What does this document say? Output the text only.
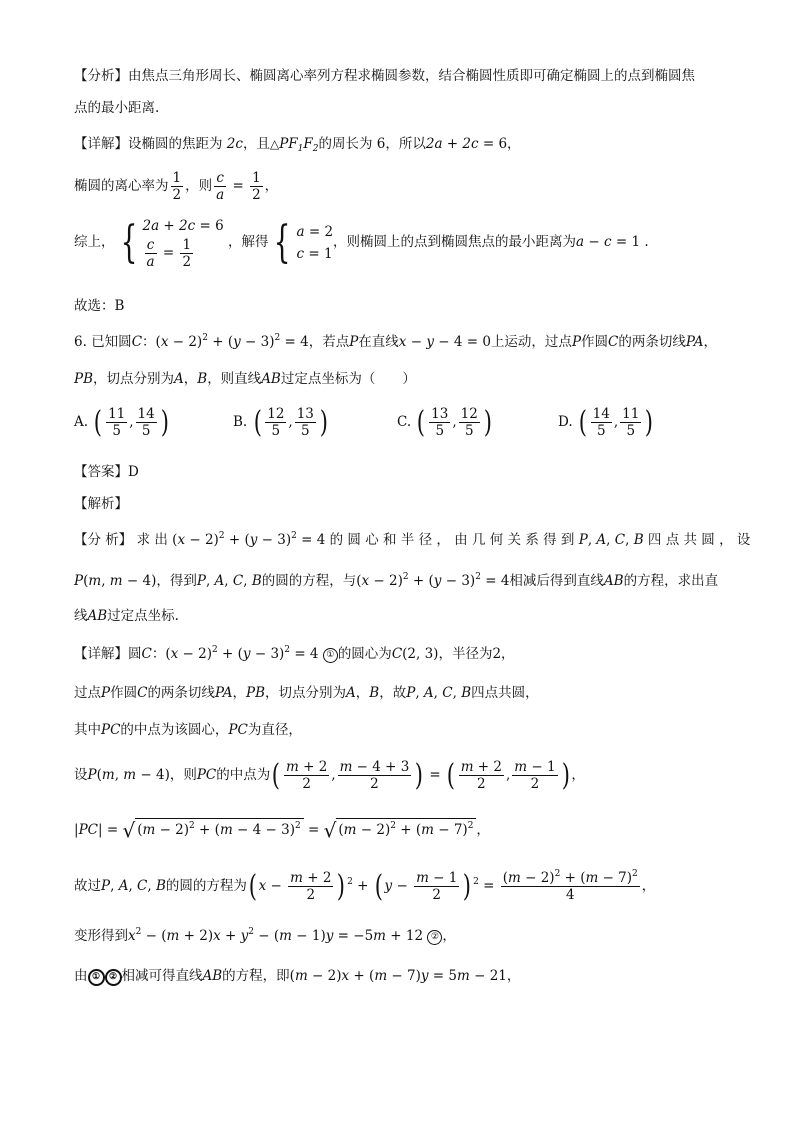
【分析】由焦点三角形周长、椭圆离心率列方程求椭圆参数，结合椭圆性质即可确定椭圆上的点到椭圆焦
点的最小距离.
【详解】设椭圆的焦距为 2c，且$\triangle PF_1F_2$的周长为 6，所以2a + 2c = 6，
椭圆的离心率为 $\frac{1}{2}$ ，则 $\frac{c}{a} = \frac{1}{2}$ ，
综上， { 2a + 2c = 6
$\frac{c}{a} = \frac{1}{2}$	，解得 { a = 2
c = 1
，则椭圆上的点到椭圆焦点的最小距离为a − c = 1 .
故选：B
6. 已知圆C：$(x - 2)^2 + (y - 3)^2 = 4$，若点P在直线x − y − 4 = 0上运动，过点P作圆C的两条切线PA，
PB，切点分别为A，B，则直线AB过定点坐标为（　　）
A. ( $\frac{11}{5}$ , $\frac{14}{5}$ )	B. ( $\frac{12}{5}$ , $\frac{13}{5}$ )	C. ( $\frac{13}{5}$ , $\frac{12}{5}$ )	D. ( $\frac{14}{5}$ , $\frac{11}{5}$ )
【答案】D
【解析】
【分 析】 求 出 $(x - 2)^2 + (y - 3)^2 = 4$ 的 圆 心 和 半 径 ， 由 几 何 关 系 得 到 P, A, C, B 四 点 共 圆 ， 设
P(m, m − 4)，得到P, A, C, B的圆的方程，与$(x - 2)^2 + (y - 3)^2 = 4$相减后得到直线AB的方程，求出直
线AB过定点坐标.
【详解】圆C：$(x - 2)^2 + (y - 3)^2 = 4$ ① 的圆心为C(2, 3)，半径为2，
过点P作圆C的两条切线PA，PB，切点分别为A，B，故P, A, C, B四点共圆，
其中PC的中点为该圆心，PC为直径，
设P(m, m − 4)，则PC的中点为( $\frac{m + 2}{2}$ , $\frac{m - 4 + 3}{2}$ ) = ( $\frac{m + 2}{2}$ , $\frac{m - 1}{2}$ ) ，
|PC| = √ $(m - 2)^2 + (m - 4 - 3)^2$ = √ $(m - 2)^2 + (m - 7)^2$ ，
故过P, A, C, B的圆的方程为( $x - \frac{m + 2}{2}$ ) $^2$ + ( $y - \frac{m - 1}{2}$ ) $^2 = \frac{(m - 2)^2 + (m - 7)^2}{4}$ ，
变形得到$x^2 - (m + 2)x + y^2 - (m - 1)y = -5m + 12$ ② ，
由 ① ② 相减可得直线AB的方程，即(m − 2)x + (m − 7)y = 5m − 21，
